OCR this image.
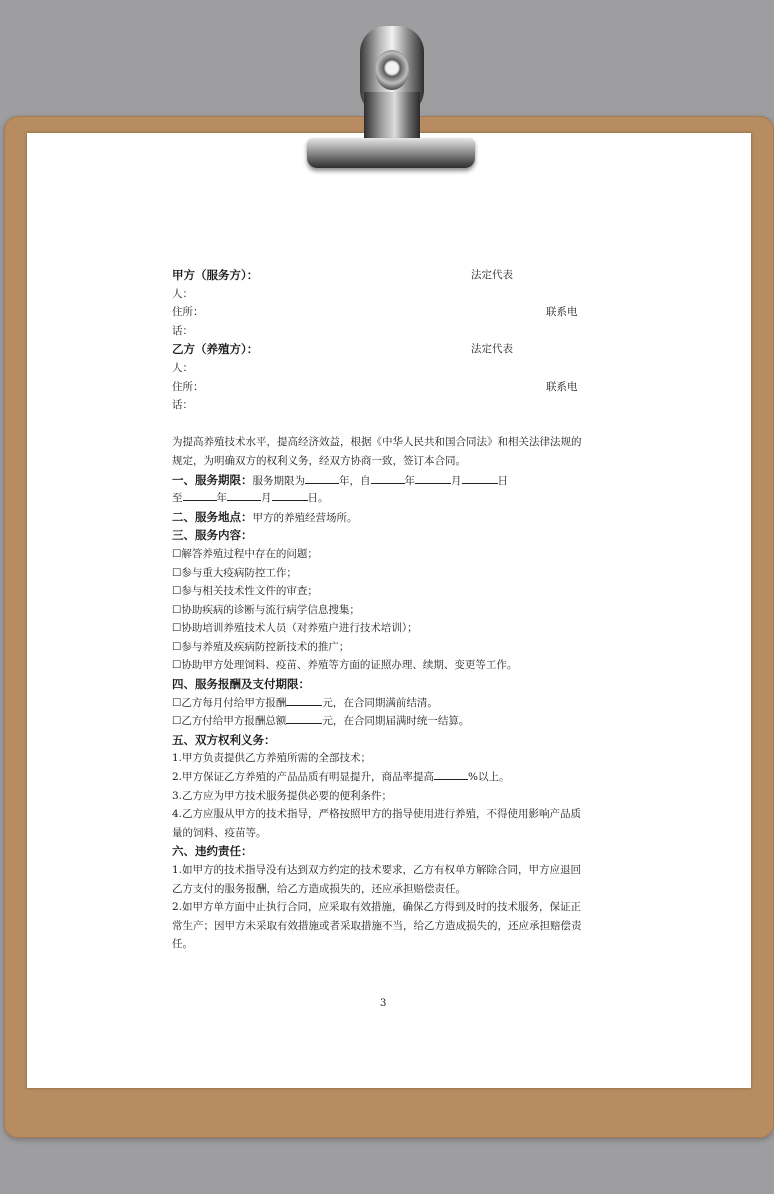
甲方（服务方）：	法定代表
人：
住所：	联系电
话：
乙方（养殖方）：	法定代表
人：
住所：	联系电
话：
为提高养殖技术水平，提高经济效益，根据《中华人民共和国合同法》和相关法律法规的
规定，为明确双方的权利义务，经双方协商一致，签订本合同。
一、服务期限：服务期限为	年，自	年	月	日
至	年	月	日。
二、服务地点：甲方的养殖经营场所。
三、服务内容：
☐解答养殖过程中存在的问题；
☐参与重大疫病防控工作；
☐参与相关技术性文件的审查；
☐协助疾病的诊断与流行病学信息搜集；
☐协助培训养殖技术人员（对养殖户进行技术培训）；
☐参与养殖及疾病防控新技术的推广；
☐协助甲方处理饲料、疫苗、养殖等方面的证照办理、续期、变更等工作。
四、服务报酬及支付期限：
☐乙方每月付给甲方报酬	元，在合同期满前结清。
☐乙方付给甲方报酬总额	元，在合同期届满时统一结算。
五、双方权利义务：
1.甲方负责提供乙方养殖所需的全部技术；
2.甲方保证乙方养殖的产品品质有明显提升，商品率提高	%以上。
3.乙方应为甲方技术服务提供必要的便利条件；
4.乙方应服从甲方的技术指导，严格按照甲方的指导使用进行养殖，不得使用影响产品质
量的饲料、疫苗等。
六、违约责任：
1.如甲方的技术指导没有达到双方约定的技术要求，乙方有权单方解除合同，甲方应退回
乙方支付的服务报酬，给乙方造成损失的，还应承担赔偿责任。
2.如甲方单方面中止执行合同，应采取有效措施，确保乙方得到及时的技术服务，保证正
常生产；因甲方未采取有效措施或者采取措施不当，给乙方造成损失的，还应承担赔偿责
任。
3
